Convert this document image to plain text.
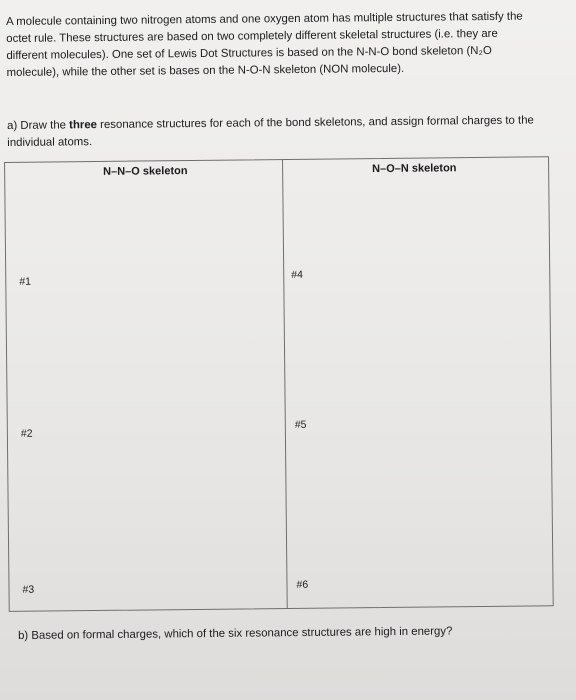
A molecule containing two nitrogen atoms and one oxygen atom has multiple structures that satisfy the

octet rule. These structures are based on two completely different skeletal structures (i.e. they are

different molecules). One set of Lewis Dot Structures is based on the N-N-O bond skeleton (N₂O

molecule), while the other set is bases on the N-O-N skeleton (NON molecule).

a) Draw the three resonance structures for each of the bond skeletons, and assign formal charges to the
individual atoms.
N–N–O skeleton	N–O–N skeleton
#1
#2
#3
#4
#5
#6
b) Based on formal charges, which of the six resonance structures are high in energy?
